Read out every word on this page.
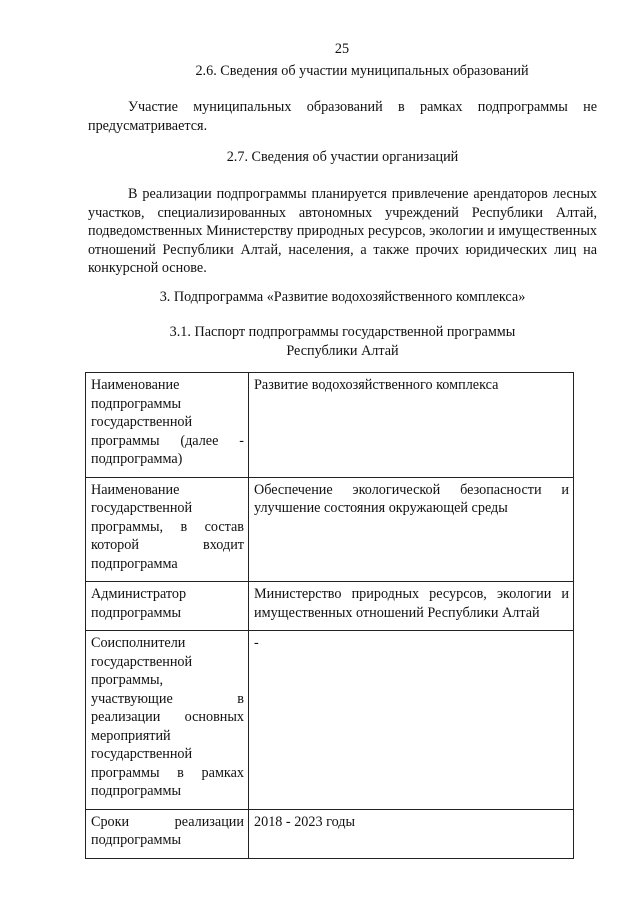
25
2.6. Сведения об участии муниципальных образований
Участие муниципальных образований в рамках подпрограммы не предусматривается.
2.7. Сведения об участии организаций
В реализации подпрограммы планируется привлечение арендаторов лесных участков, специализированных автономных учреждений Республики Алтай, подведомственных Министерству природных ресурсов, экологии и имущественных отношений Республики Алтай, населения, а также прочих юридических лиц на конкурсной основе.
3. Подпрограмма «Развитие водохозяйственного комплекса»
3.1. Паспорт подпрограммы государственной программы
Республики Алтай
Наименование подпрограммы государственной программы (далее - подпрограмма)	Развитие водохозяйственного комплекса
Наименование государственной программы, в состав которой входит подпрограмма	Обеспечение экологической безопасности и улучшение состояния окружающей среды
Администратор подпрограммы	Министерство природных ресурсов, экологии и имущественных отношений Республики Алтай
Соисполнители государственной программы, участвующие в реализации основных мероприятий государственной программы в рамках подпрограммы	-
Сроки реализации подпрограммы	2018 - 2023 годы
